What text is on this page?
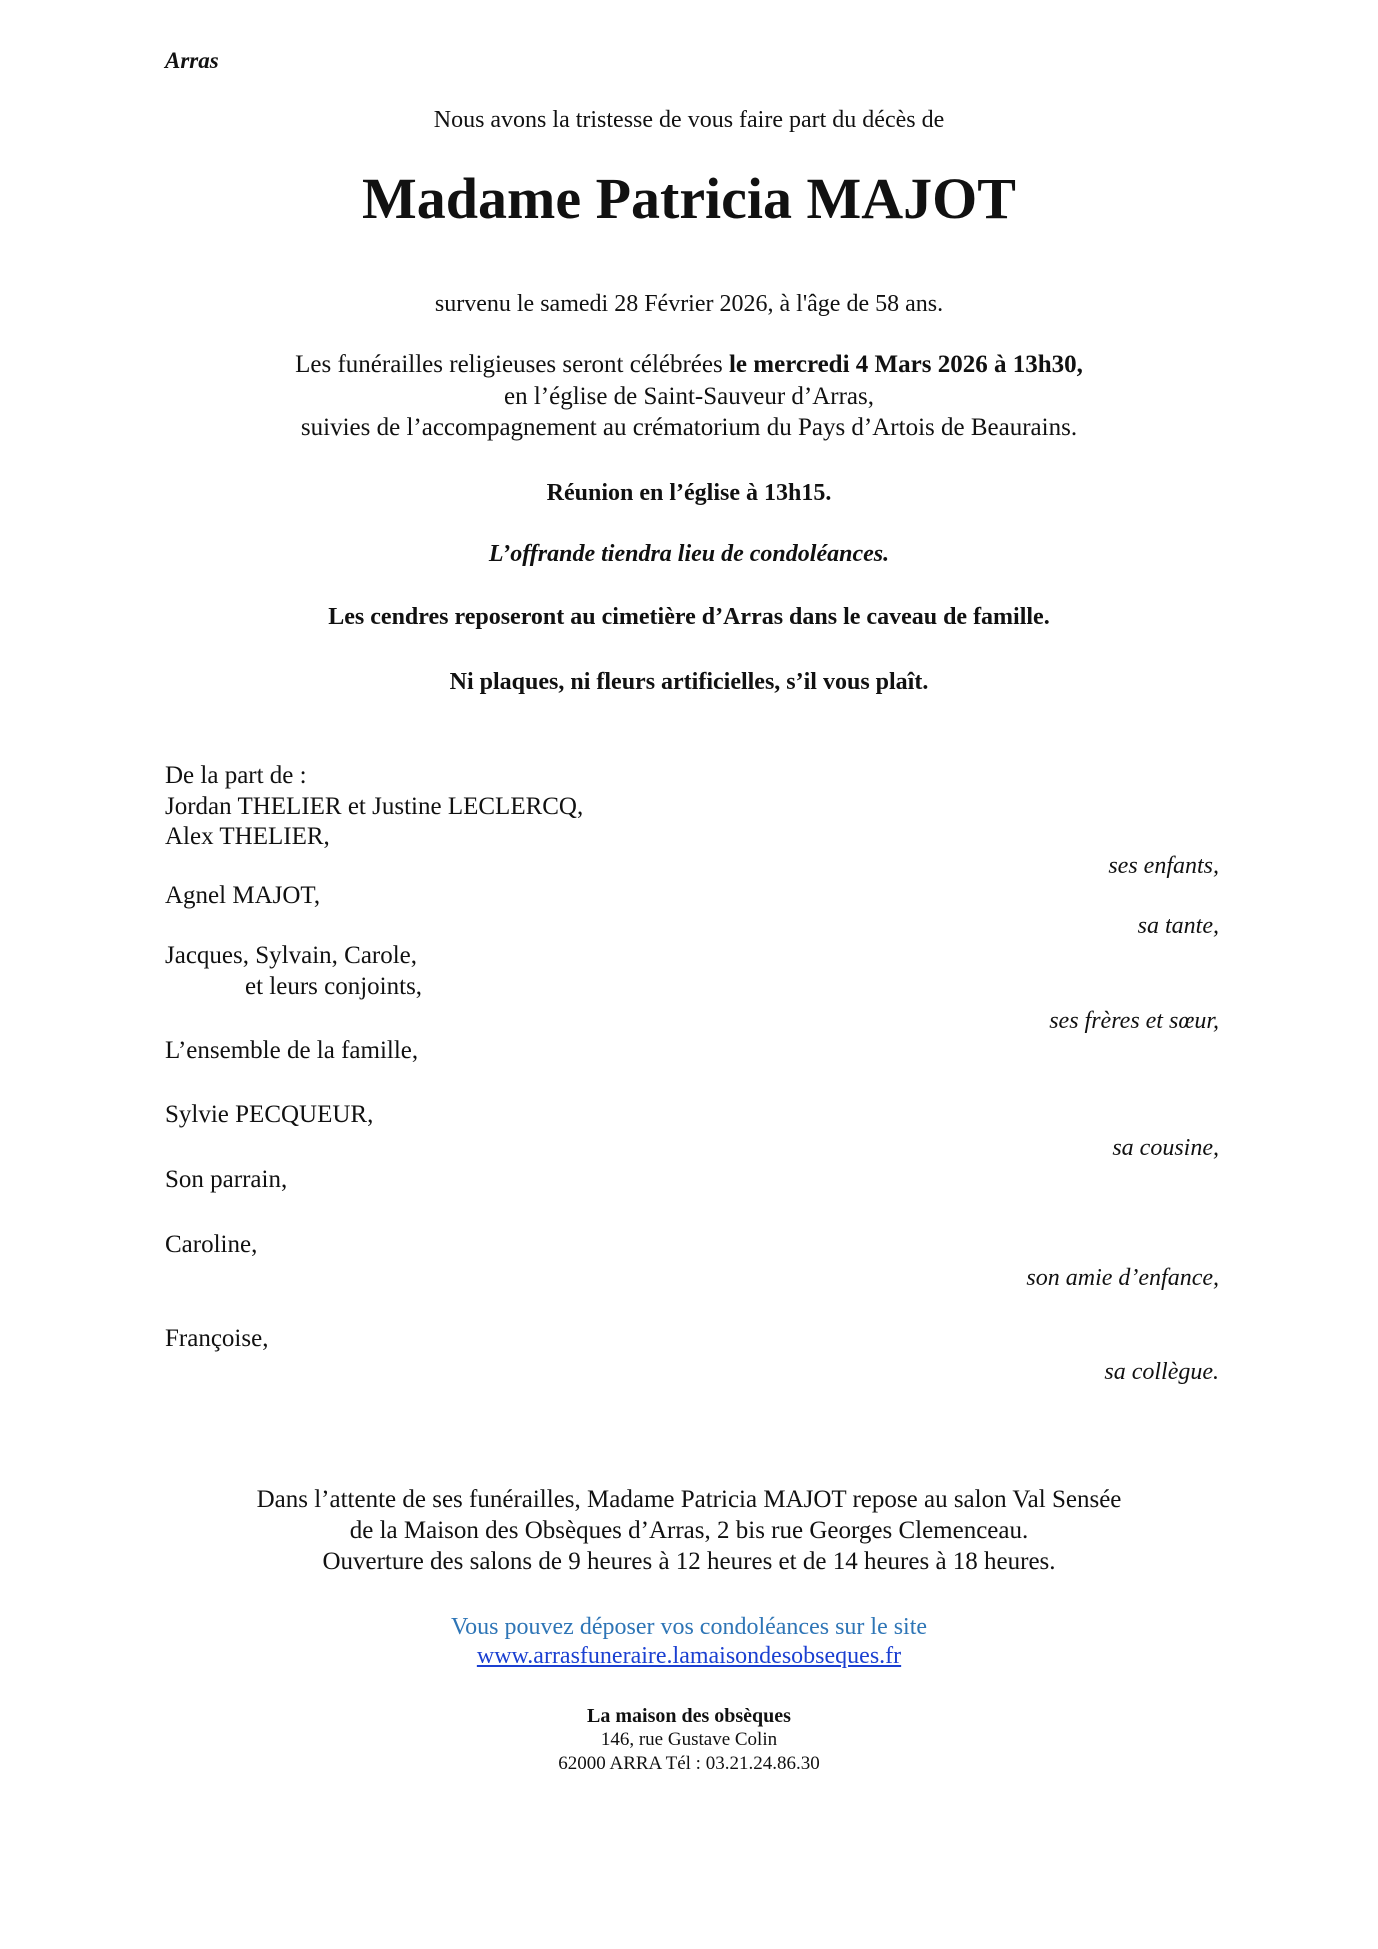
Arras
Nous avons la tristesse de vous faire part du décès de
Madame Patricia MAJOT
survenu le samedi 28 Février 2026, à l'âge de 58 ans.
Les funérailles religieuses seront célébrées le mercredi 4 Mars 2026 à 13h30,
en l’église de Saint-Sauveur d’Arras,
suivies de l’accompagnement au crématorium du Pays d’Artois de Beaurains.
Réunion en l’église à 13h15.
L’offrande tiendra lieu de condoléances.
Les cendres reposeront au cimetière d’Arras dans le caveau de famille.
Ni plaques, ni fleurs artificielles, s’il vous plaît.
De la part de :
Jordan THELIER et Justine LECLERCQ,
Alex THELIER,
ses enfants,
Agnel MAJOT,
sa tante,
Jacques, Sylvain, Carole,
et leurs conjoints,
ses frères et sœur,
L’ensemble de la famille,
Sylvie PECQUEUR,
sa cousine,
Son parrain,
Caroline,
son amie d’enfance,
Françoise,
sa collègue.
Dans l’attente de ses funérailles, Madame Patricia MAJOT repose au salon Val Sensée
de la Maison des Obsèques d’Arras, 2 bis rue Georges Clemenceau.
Ouverture des salons de 9 heures à 12 heures et de 14 heures à 18 heures.
Vous pouvez déposer vos condoléances sur le site
www.arrasfuneraire.lamaisondesobseques.fr
La maison des obsèques
146, rue Gustave Colin
62000 ARRA Tél : 03.21.24.86.30
